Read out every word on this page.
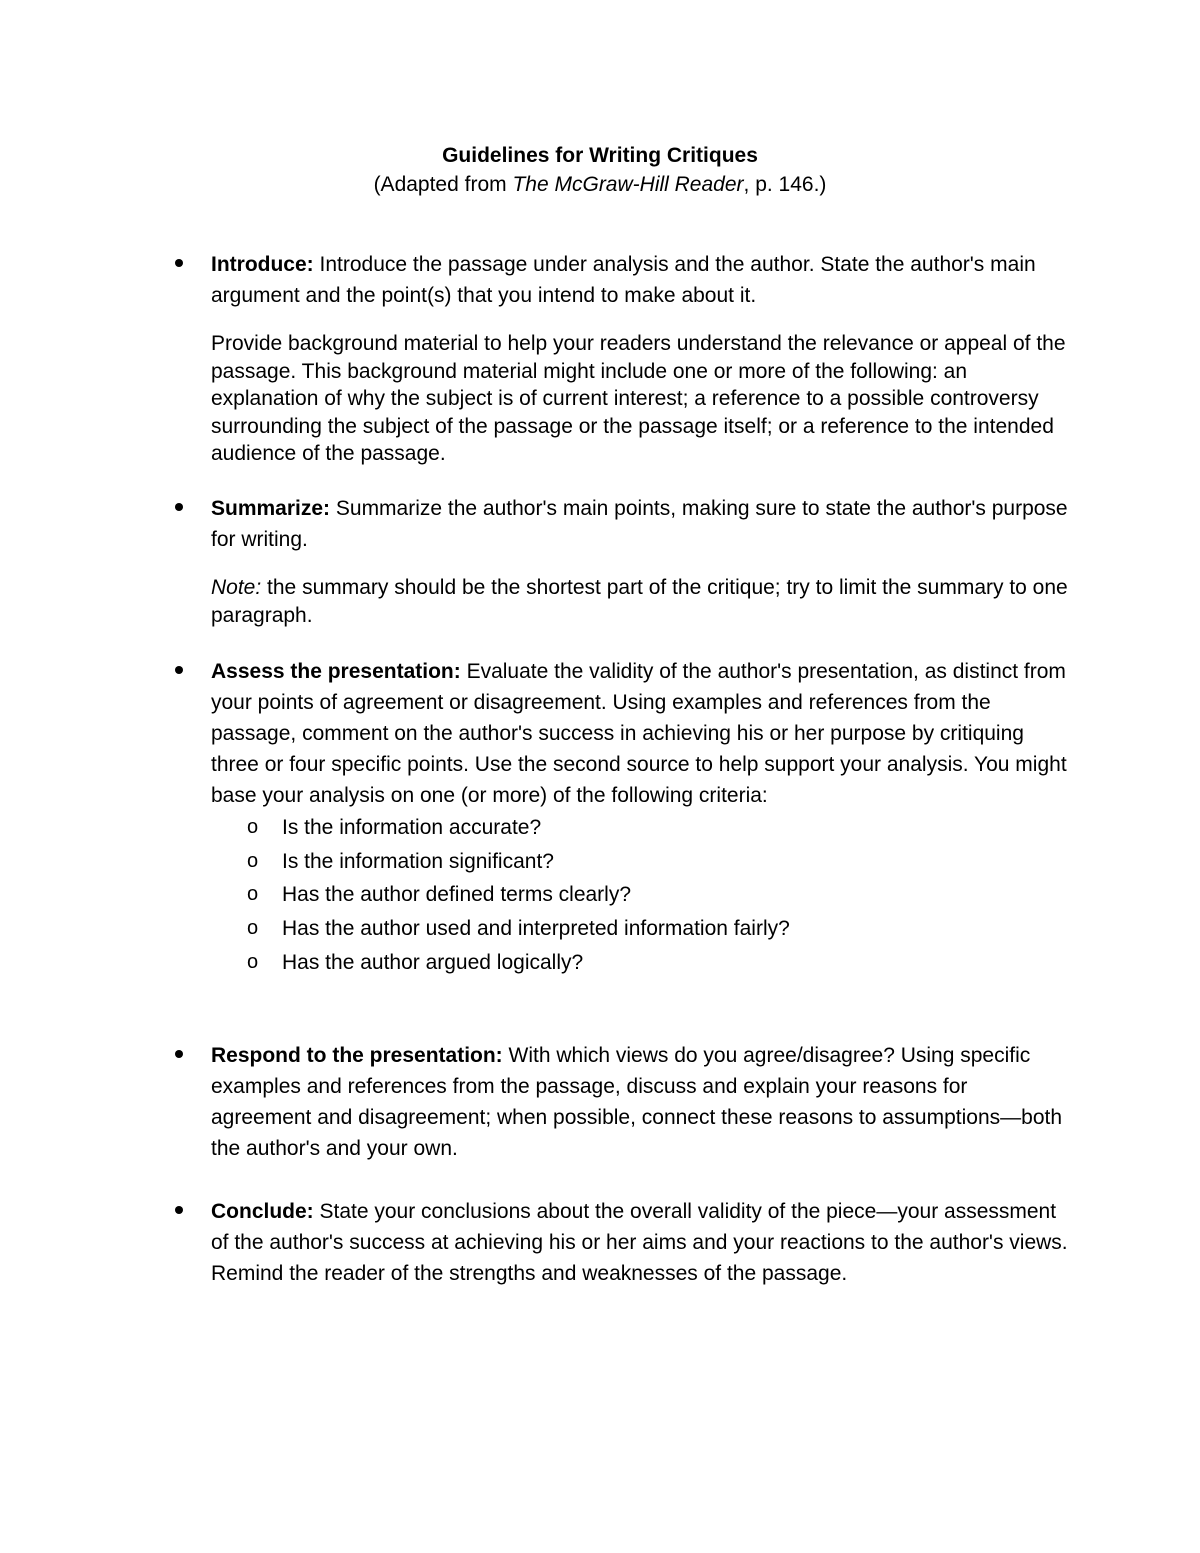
Guidelines for Writing Critiques
(Adapted from The McGraw-Hill Reader, p. 146.)

Introduce: Introduce the passage under analysis and the author. State the author's main argument and the point(s) that you intend to make about it.

Provide background material to help your readers understand the relevance or appeal of the passage. This background material might include one or more of the following: an explanation of why the subject is of current interest; a reference to a possible controversy surrounding the subject of the passage or the passage itself; or a reference to the intended audience of the passage.

Summarize: Summarize the author's main points, making sure to state the author's purpose for writing.

Note: the summary should be the shortest part of the critique; try to limit the summary to one paragraph.

Assess the presentation: Evaluate the validity of the author's presentation, as distinct from your points of agreement or disagreement. Using examples and references from the passage, comment on the author's success in achieving his or her purpose by critiquing three or four specific points. Use the second source to help support your analysis. You might base your analysis on one (or more) of the following criteria:

o Is the information accurate?
o Is the information significant?
o Has the author defined terms clearly?
o Has the author used and interpreted information fairly?
o Has the author argued logically?

Respond to the presentation: With which views do you agree/disagree? Using specific examples and references from the passage, discuss and explain your reasons for agreement and disagreement; when possible, connect these reasons to assumptions—both the author's and your own.

Conclude: State your conclusions about the overall validity of the piece—your assessment of the author's success at achieving his or her aims and your reactions to the author's views. Remind the reader of the strengths and weaknesses of the passage.
